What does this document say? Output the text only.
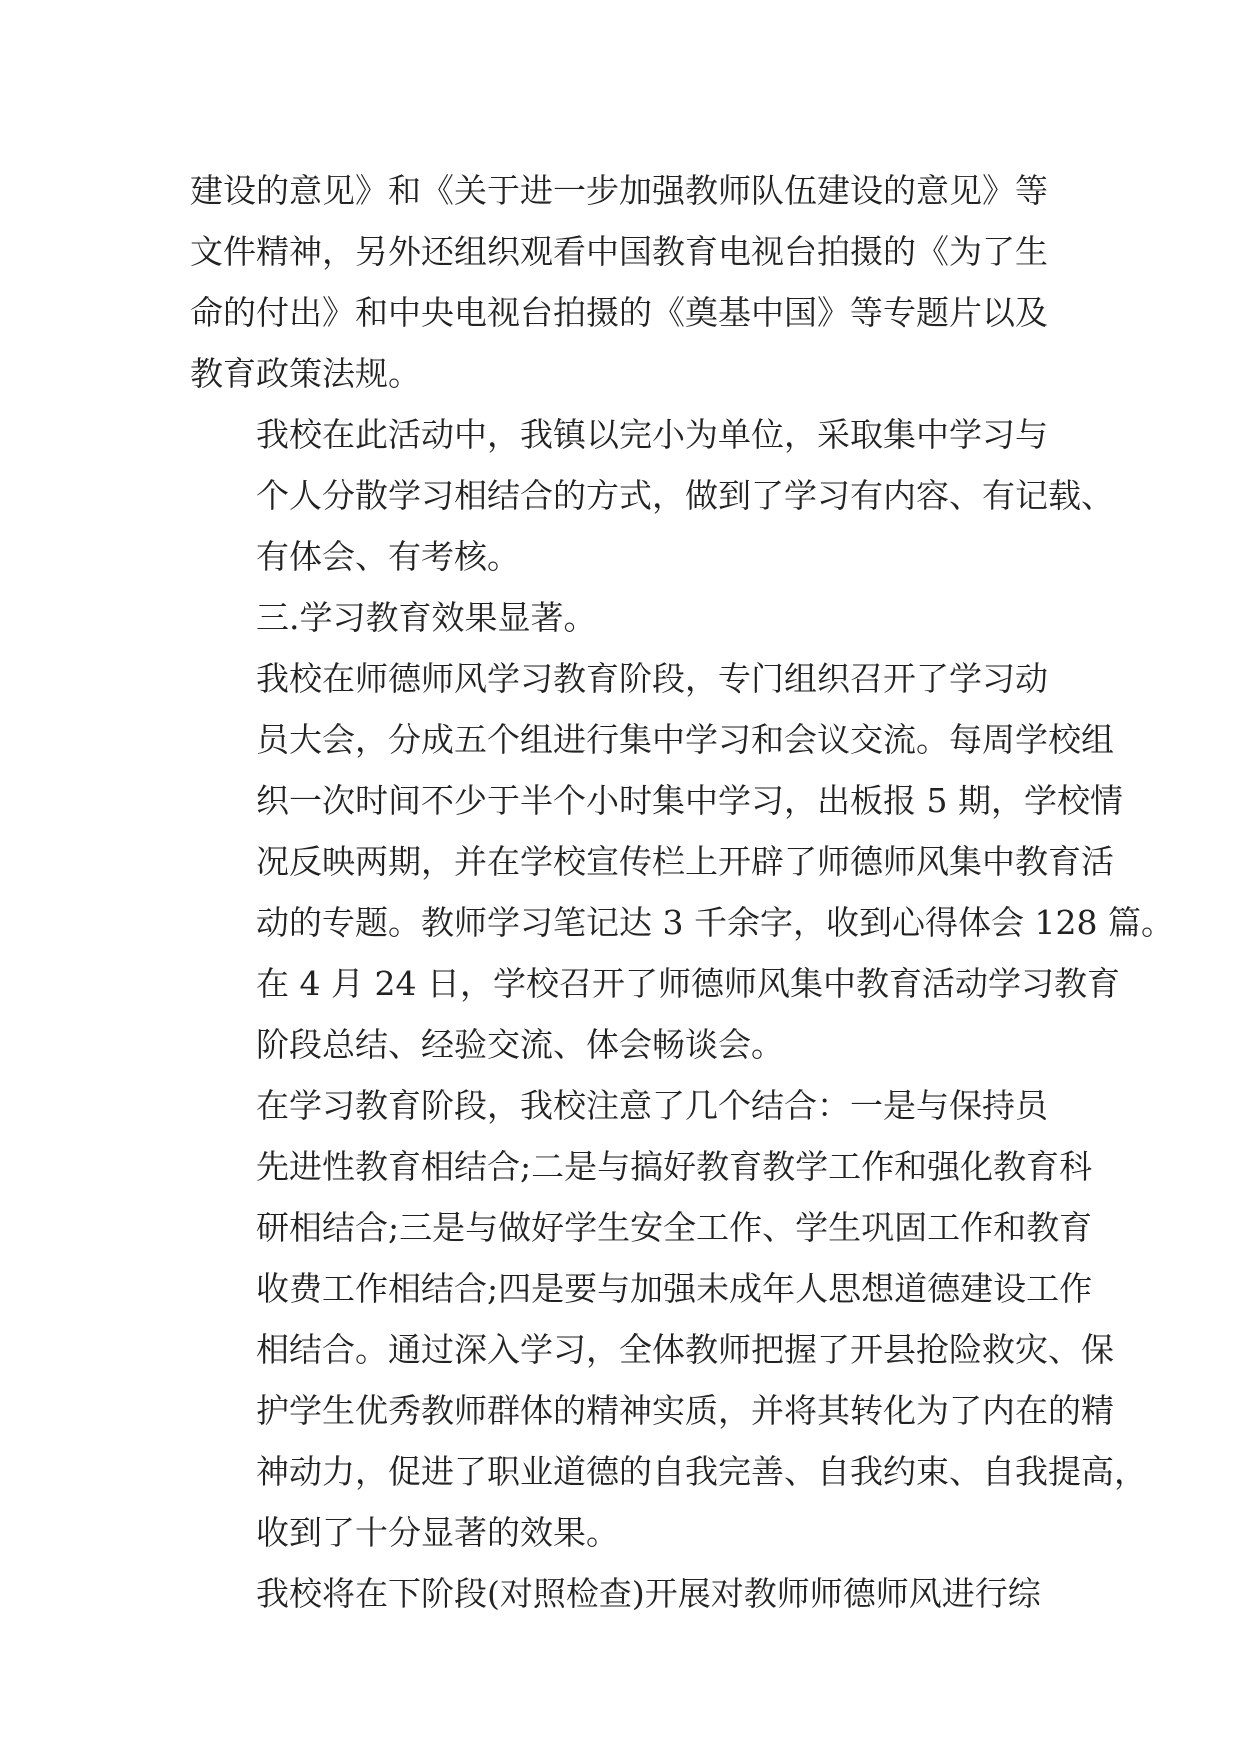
建设的意见》和《关于进一步加强教师队伍建设的意见》等
文件精神，另外还组织观看中国教育电视台拍摄的《为了生
命的付出》和中央电视台拍摄的《奠基中国》等专题片以及
教育政策法规。

我校在此活动中，我镇以完小为单位，采取集中学习与
个人分散学习相结合的方式，做到了学习有内容、有记载、
有体会、有考核。

三.学习教育效果显著。

我校在师德师风学习教育阶段，专门组织召开了学习动
员大会，分成五个组进行集中学习和会议交流。每周学校组
织一次时间不少于半个小时集中学习，出板报 5 期，学校情
况反映两期，并在学校宣传栏上开辟了师德师风集中教育活
动的专题。教师学习笔记达 3 千余字，收到心得体会 128 篇。
在 4 月 24 日，学校召开了师德师风集中教育活动学习教育
阶段总结、经验交流、体会畅谈会。

在学习教育阶段，我校注意了几个结合：一是与保持员
先进性教育相结合;二是与搞好教育教学工作和强化教育科
研相结合;三是与做好学生安全工作、学生巩固工作和教育
收费工作相结合;四是要与加强未成年人思想道德建设工作
相结合。通过深入学习，全体教师把握了开县抢险救灾、保
护学生优秀教师群体的精神实质，并将其转化为了内在的精
神动力，促进了职业道德的自我完善、自我约束、自我提高，
收到了十分显著的效果。

我校将在下阶段(对照检查)开展对教师师德师风进行综
